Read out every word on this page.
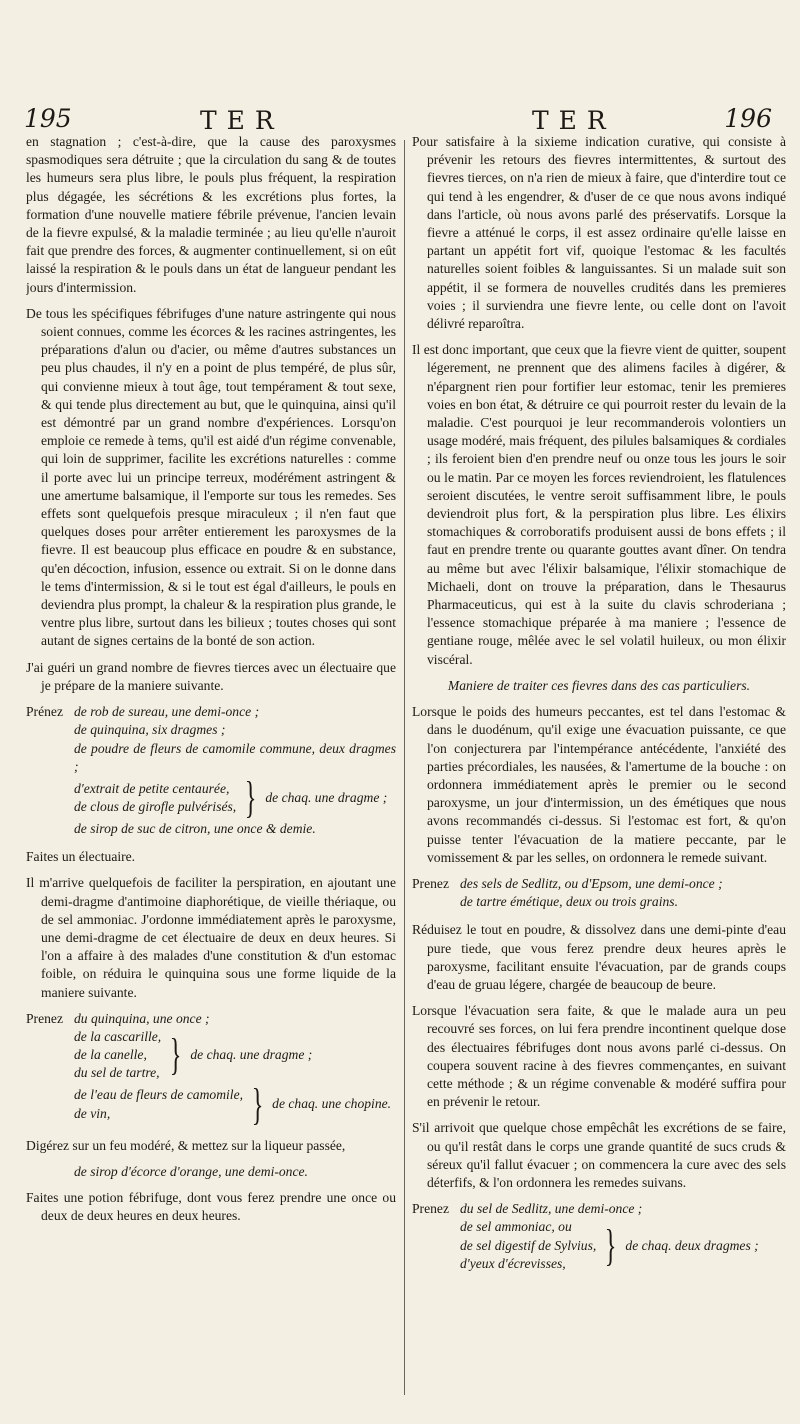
195	TER	TER	196

en stagnation ; c'est-à-dire, que la cause des paroxysmes spasmodiques sera détruite ; que la circulation du sang & de toutes les humeurs sera plus libre, le pouls plus fréquent, la respiration plus dégagée, les sécrétions & les excrétions plus fortes, la formation d'une nouvelle matiere fébrile prévenue, l'ancien levain de la fievre expulsé, & la maladie terminée ; au lieu qu'elle n'auroit fait que prendre des forces, & augmenter continuellement, si on eût laissé la respiration & le pouls dans un état de langueur pendant les jours d'intermission.

De tous les spécifiques fébrifuges d'une nature astringente qui nous soient connues, comme les écorces & les racines astringentes, les préparations d'alun ou d'acier, ou même d'autres substances un peu plus chaudes, il n'y en a point de plus tempéré, de plus sûr, qui convienne mieux à tout âge, tout tempérament & tout sexe, & qui tende plus directement au but, que le quinquina, ainsi qu'il est démontré par un grand nombre d'expériences. Lorsqu'on emploie ce remede à tems, qu'il est aidé d'un régime convenable, qui loin de supprimer, facilite les excrétions naturelles : comme il porte avec lui un principe terreux, modérément astringent & une amertume balsamique, il l'emporte sur tous les remedes. Ses effets sont quelquefois presque miraculeux ; il n'en faut que quelques doses pour arrêter entierement les paroxysmes de la fievre. Il est beaucoup plus efficace en poudre & en substance, qu'en décoction, infusion, essence ou extrait. Si on le donne dans le tems d'intermission, & si le tout est égal d'ailleurs, le pouls en deviendra plus prompt, la chaleur & la respiration plus grande, le ventre plus libre, surtout dans les bilieux ; toutes choses qui sont autant de signes certains de la bonté de son action.

J'ai guéri un grand nombre de fievres tierces avec un électuaire que je prépare de la maniere suivante.

Prénez de rob de sureau, une demi-once ;
de quinquina, six dragmes ;
de poudre de fleurs de camomile commune, deux dragmes ;
d'extrait de petite centaurée,
de clous de girofle pulvérisés, } de chaq. une dragme ;
de sirop de suc de citron, une once & demie.

Faites un électuaire.

Il m'arrive quelquefois de faciliter la perspiration, en ajoutant une demi-dragme d'antimoine diaphorétique, de vieille thériaque, ou de sel ammoniac. J'ordonne immédiatement après le paroxysme, une demi-dragme de cet électuaire de deux en deux heures. Si l'on a affaire à des malades d'une constitution & d'un estomac foible, on réduira le quinquina sous une forme liquide de la maniere suivante.

Prenez du quinquina, une once ;
de la cascarille,
de la canelle,
du sel de tartre, } de chaq. une dragme ;
de l'eau de fleurs de camomile,
de vin,	} de chaq. une chopine.

Digérez sur un feu modéré, & mettez sur la liqueur passée,

de sirop d'écorce d'orange, une demi-once.

Faites une potion fébrifuge, dont vous ferez prendre une once ou deux de deux heures en deux heures.

Pour satisfaire à la sixieme indication curative, qui consiste à prévenir les retours des fievres intermittentes, & surtout des fievres tierces, on n'a rien de mieux à faire, que d'interdire tout ce qui tend à les engendrer, & d'user de ce que nous avons indiqué dans l'article, où nous avons parlé des préservatifs. Lorsque la fievre a atténué le corps, il est assez ordinaire qu'elle laisse en partant un appétit fort vif, quoique l'estomac & les facultés naturelles soient foibles & languissantes. Si un malade suit son appétit, il se formera de nouvelles crudités dans les premieres voies ; il surviendra une fievre lente, ou celle dont on l'avoit délivré reparoîtra.

Il est donc important, que ceux que la fievre vient de quitter, soupent légerement, ne prennent que des alimens faciles à digérer, & n'épargnent rien pour fortifier leur estomac, tenir les premieres voies en bon état, & détruire ce qui pourroit rester du levain de la maladie. C'est pourquoi je leur recommanderois volontiers un usage modéré, mais fréquent, des pilules balsamiques & cordiales ; ils feroient bien d'en prendre neuf ou onze tous les jours le soir ou le matin. Par ce moyen les forces reviendroient, les flatulences seroient discutées, le ventre seroit suffisamment libre, le pouls deviendroit plus fort, & la perspiration plus libre. Les élixirs stomachiques & corroboratifs produisent aussi de bons effets ; il faut en prendre trente ou quarante gouttes avant dîner. On tendra au même but avec l'élixir balsamique, l'élixir stomachique de Michaeli, dont on trouve la préparation, dans le Thesaurus Pharmaceuticus, qui est à la suite du clavis schroderiana ; l'essence stomachique préparée à ma maniere ; l'essence de gentiane rouge, mêlée avec le sel volatil huileux, ou mon élixir viscéral.

Maniere de traiter ces fievres dans des cas particuliers.

Lorsque le poids des humeurs peccantes, est tel dans l'estomac & dans le duodénum, qu'il exige une évacuation puissante, ce que l'on conjecturera par l'intempérance antécédente, l'anxiété des parties précordiales, les nausées, & l'amertume de la bouche : on ordonnera immédiatement après le premier ou le second paroxysme, un jour d'intermission, un des émétiques que nous avons recommandés ci-dessus. Si l'estomac est fort, & qu'on puisse tenter l'évacuation de la matiere peccante, par le vomissement & par les selles, on ordonnera le remede suivant.

Prenez des sels de Sedlitz, ou d'Epsom, une demi-once ;
de tartre émétique, deux ou trois grains.

Réduisez le tout en poudre, & dissolvez dans une demi-pinte d'eau pure tiede, que vous ferez prendre deux heures après le paroxysme, facilitant ensuite l'évacuation, par de grands coups d'eau de gruau légere, chargée de beaucoup de beure.

Lorsque l'évacuation sera faite, & que le malade aura un peu recouvré ses forces, on lui fera prendre incontinent quelque dose des électuaires fébrifuges dont nous avons parlé ci-dessus. On coupera souvent racine à des fievres commençantes, en suivant cette méthode ; & un régime convenable & modéré suffira pour en prévenir le retour.

S'il arrivoit que quelque chose empêchât les excrétions de se faire, ou qu'il restât dans le corps une grande quantité de sucs cruds & séreux qu'il fallut évacuer ; on commencera la cure avec des sels déterfifs, & l'on ordonnera les remedes suivans.

Prenez du sel de Sedlitz, une demi-once ;
de sel ammoniac, ou
de sel digestif de Sylvius,
d'yeux d'écrevisses, } de chaq. deux dragmes ;
